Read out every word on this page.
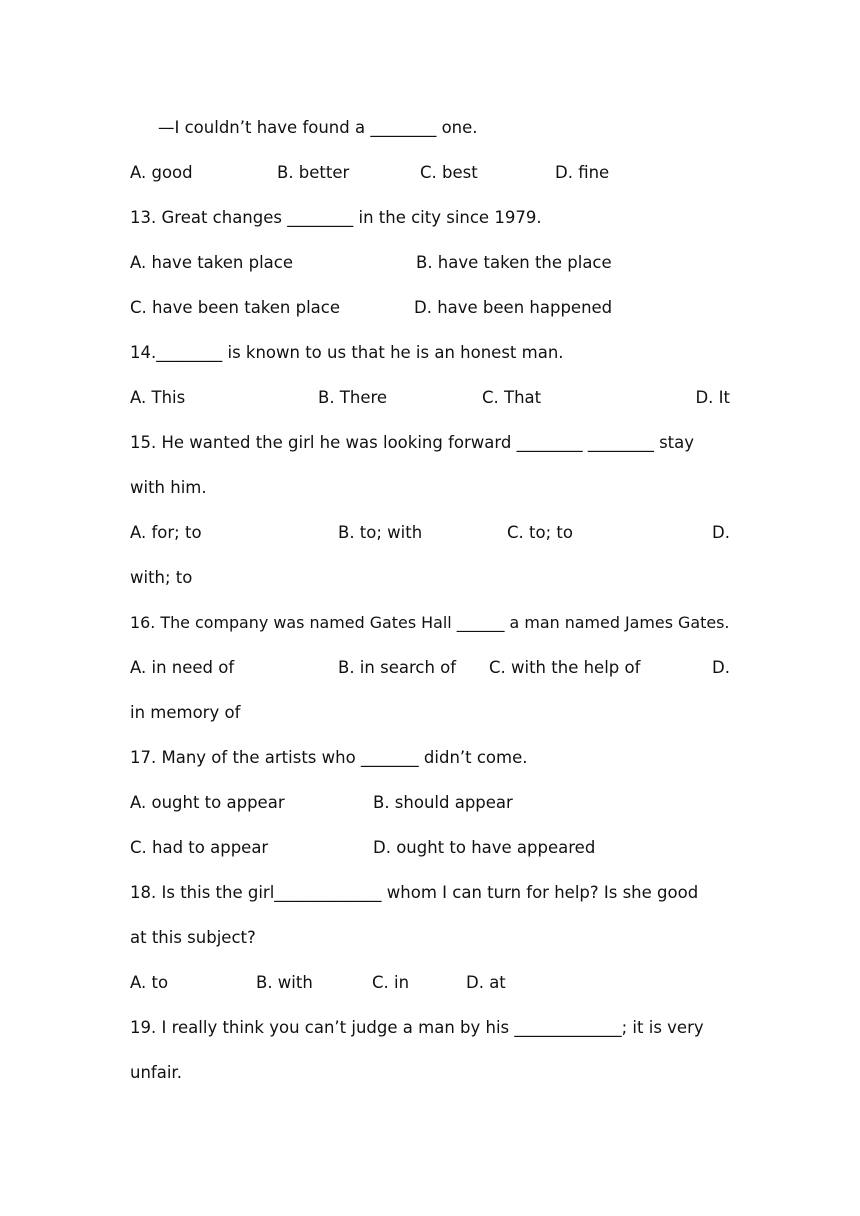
—I couldn’t have found a ________ one.
A. good	B. better	C. best	D. fine
13. Great changes ________ in the city since 1979.
A. have taken place	B. have taken the place
C. have been taken place	D. have been happened
14.________ is known to us that he is an honest man.
A. This	B. There	C. That	D. It
15. He wanted the girl he was looking forward ________ ________ stay
with him.
A. for; to	B. to; with	C. to; to	D.
with; to
16. The company was named Gates Hall ______ a man named James Gates.
A. in need of	B. in search of C. with the help of	D.
in memory of
17. Many of the artists who _______ didn’t come.
A. ought to appear	B. should appear
C. had to appear	D. ought to have appeared
18. Is this the girl_____________ whom I can turn for help? Is she good
at this subject?
A. to	B. with	C. in	D. at
19. I really think you can’t judge a man by his _____________; it is very
unfair.
